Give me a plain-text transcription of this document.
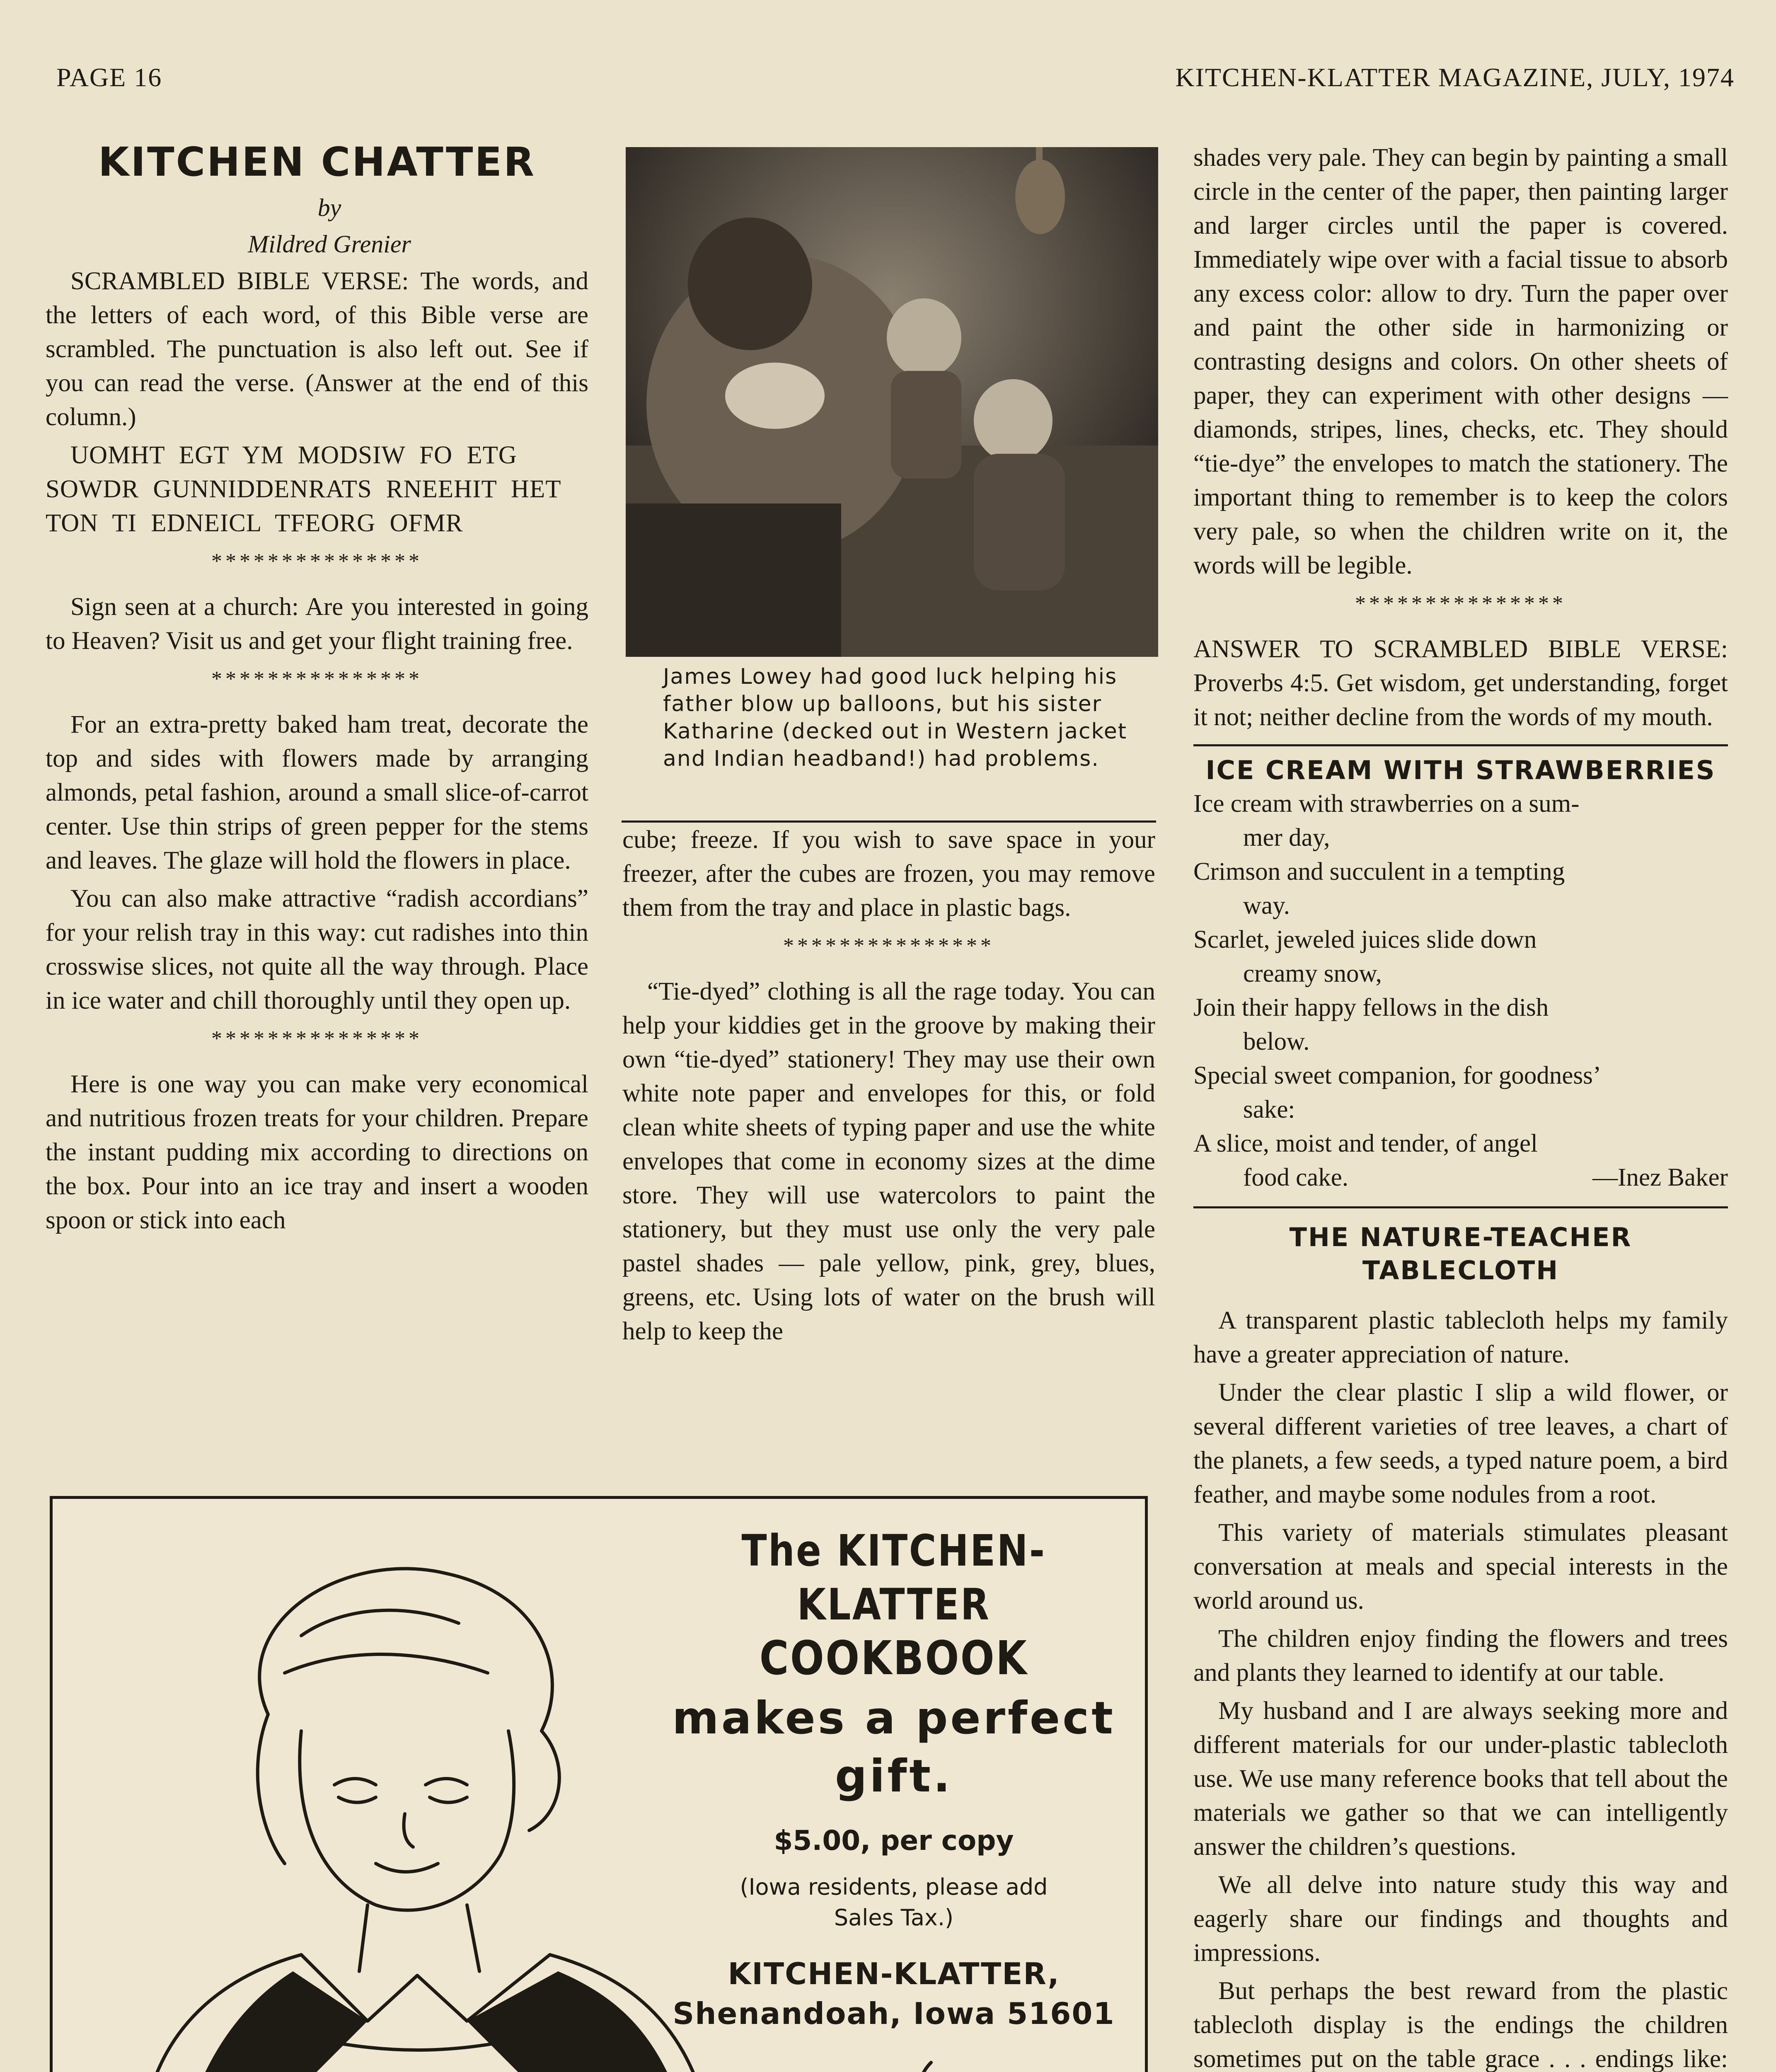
PAGE 16	KITCHEN-KLATTER MAGAZINE, JULY, 1974
KITCHEN CHATTER

by

Mildred Grenier

SCRAMBLED BIBLE VERSE: The words, and the letters of each word, of this Bible verse are scrambled. The punctuation is also left out. See if you can read the verse. (Answer at the end of this column.)

UOMHT EGT YM MODSIW FO ETG SOWDR GUNNIDDENRATS RNEEHIT HET TON TI EDNEICL TFEORG OFMR

***************

Sign seen at a church: Are you interested in going to Heaven? Visit us and get your flight training free.

***************

For an extra-pretty baked ham treat, decorate the top and sides with flowers made by arranging almonds, petal fashion, around a small slice-of-carrot center. Use thin strips of green pepper for the stems and leaves. The glaze will hold the flowers in place.

You can also make attractive “radish accordians” for your relish tray in this way: cut radishes into thin crosswise slices, not quite all the way through. Place in ice water and chill thoroughly until they open up.

***************

Here is one way you can make very economical and nutritious frozen treats for your children. Prepare the instant pudding mix according to directions on the box. Pour into an ice tray and insert a wooden spoon or stick into each

James Lowey had good luck helping his father blow up balloons, but his sister Katharine (decked out in Western jacket and Indian headband!) had problems.

cube; freeze. If you wish to save space in your freezer, after the cubes are frozen, you may remove them from the tray and place in plastic bags.

***************

“Tie-dyed” clothing is all the rage today. You can help your kiddies get in the groove by making their own “tie-dyed” stationery! They may use their own white note paper and envelopes for this, or fold clean white sheets of typing paper and use the white envelopes that come in economy sizes at the dime store. They will use watercolors to paint the stationery, but they must use only the very pale pastel shades — pale yellow, pink, grey, blues, greens, etc. Using lots of water on the brush will help to keep the

shades very pale. They can begin by painting a small circle in the center of the paper, then painting larger and larger circles until the paper is covered. Immediately wipe over with a facial tissue to absorb any excess color: allow to dry. Turn the paper over and paint the other side in harmonizing or contrasting designs and colors. On other sheets of paper, they can experiment with other designs — diamonds, stripes, lines, checks, etc. They should “tie-dye” the envelopes to match the stationery. The important thing to remember is to keep the colors very pale, so when the children write on it, the words will be legible.

***************

ANSWER TO SCRAMBLED BIBLE VERSE: Proverbs 4:5. Get wisdom, get understanding, forget it not; neither decline from the words of my mouth.

ICE CREAM WITH STRAWBERRIES

Ice cream with strawberries on a sum-

mer day,

Crimson and succulent in a tempting

way.

Scarlet, jeweled juices slide down

creamy snow,

Join their happy fellows in the dish

below.

Special sweet companion, for goodness’

sake:

A slice, moist and tender, of angel

food cake.	—Inez Baker
THE NATURE-TEACHER
TABLECLOTH

A transparent plastic tablecloth helps my family have a greater appreciation of nature.

Under the clear plastic I slip a wild flower, or several different varieties of tree leaves, a chart of the planets, a few seeds, a typed nature poem, a bird feather, and maybe some nodules from a root.

This variety of materials stimulates pleasant conversation at meals and special interests in the world around us.

The children enjoy finding the flowers and trees and plants they learned to identify at our table.

My husband and I are always seeking more and different materials for our under-plastic tablecloth use. We use many reference books that tell about the materials we gather so that we can intelligently answer the children’s questions.

We all delve into nature study this way and eagerly share our findings and thoughts and impressions.

But perhaps the best reward from the plastic tablecloth display is the endings the children sometimes put on the table grace . . . endings like:

The KITCHEN-KLATTER
COOKBOOK
makes a perfect gift.
$5.00, per copy
(Iowa residents, please add
Sales Tax.)
KITCHEN-KLATTER,
Shenandoah, Iowa 51601
